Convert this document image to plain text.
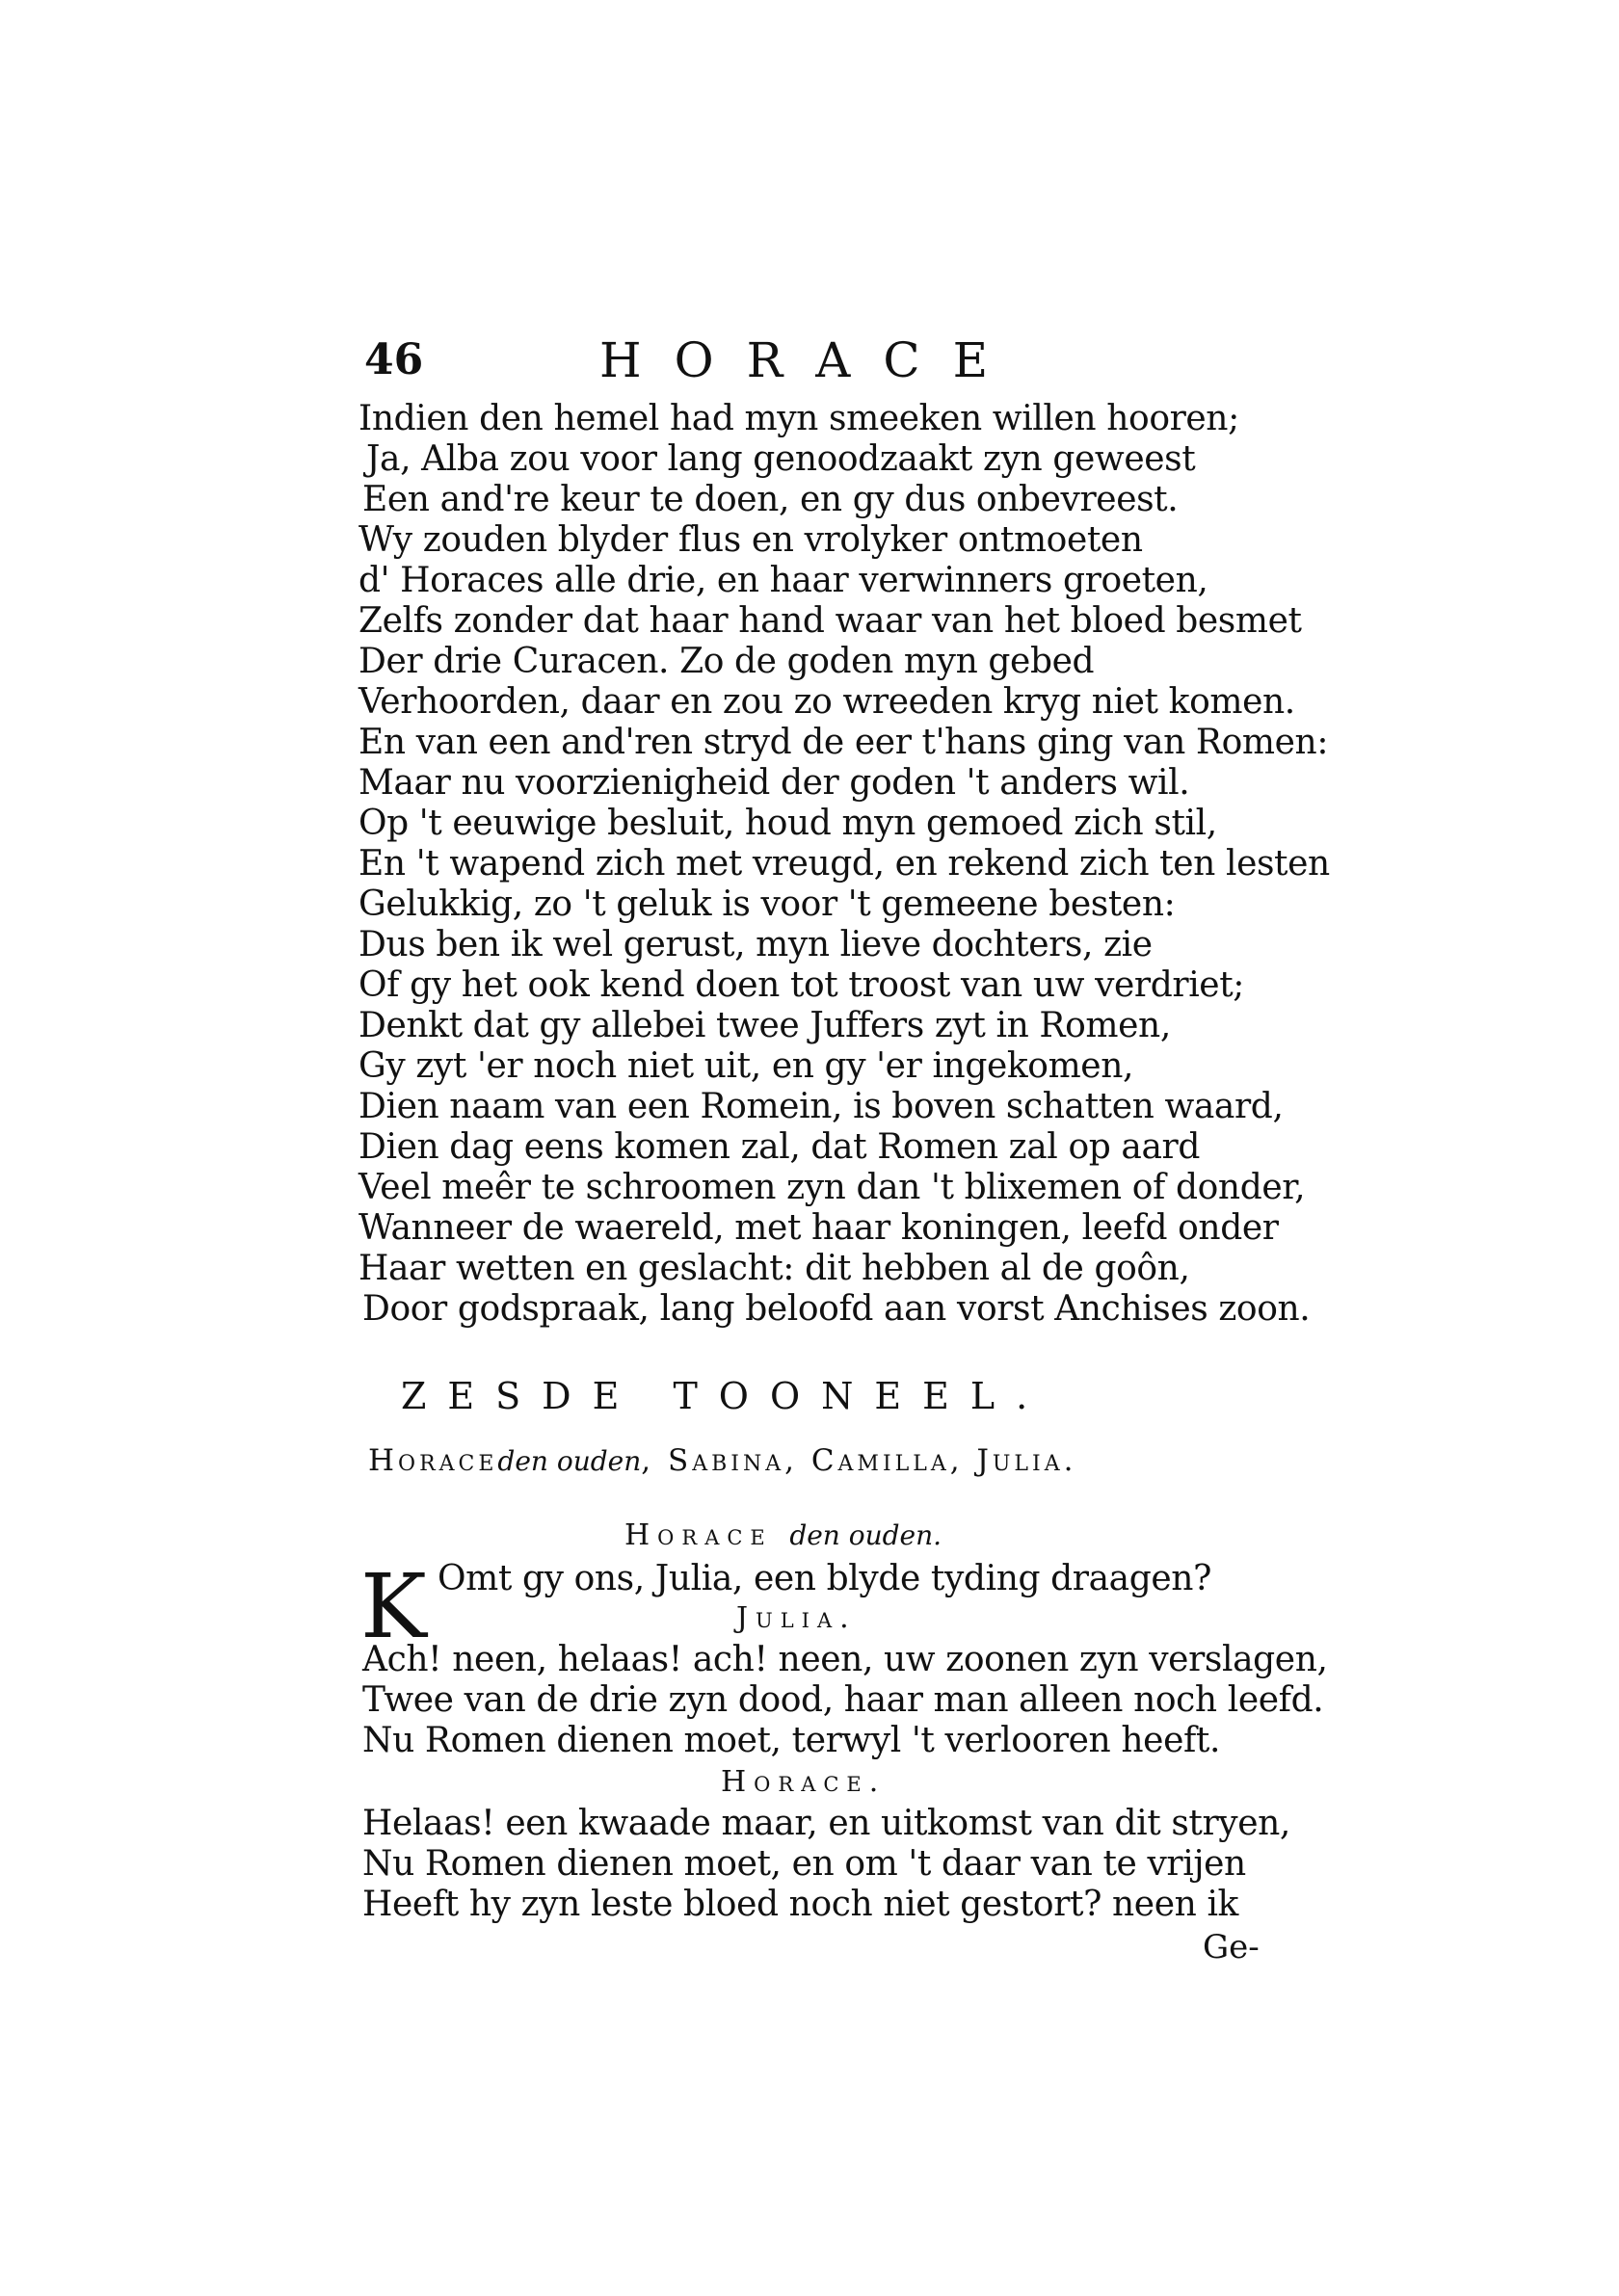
46	HORACE
Indien den hemel had myn smeeken willen hooren;
Ja, Alba zou voor lang genoodzaakt zyn geweest
Een and're keur te doen, en gy dus onbevreest.
Wy zouden blyder flus en vrolyker ontmoeten
d' Horaces alle drie, en haar verwinners groeten,
Zelfs zonder dat haar hand waar van het bloed besmet
Der drie Curacen. Zo de goden myn gebed
Verhoorden, daar en zou zo wreeden kryg niet komen.
En van een and'ren stryd de eer t'hans ging van Romen:
Maar nu voorzienigheid der goden 't anders wil.
Op 't eeuwige besluit, houd myn gemoed zich stil,
En 't wapend zich met vreugd, en rekend zich ten lesten
Gelukkig, zo 't geluk is voor 't gemeene besten:
Dus ben ik wel gerust, myn lieve dochters, zie
Of gy het ook kend doen tot troost van uw verdriet;
Denkt dat gy allebei twee Juffers zyt in Romen,
Gy zyt 'er noch niet uit, en gy 'er ingekomen,
Dien naam van een Romein, is boven schatten waard,
Dien dag eens komen zal, dat Romen zal op aard
Veel meêr te schroomen zyn dan 't blixemen of donder,
Wanneer de waereld, met haar koningen, leefd onder
Haar wetten en geslacht: dit hebben al de goôn,
Door godspraak, lang beloofd aan vorst Anchises zoon.
ZESDE TOONEEL.
Horaceden ouden, Sabina, Camilla, Julia.
Horace den ouden.
K Omt gy ons, Julia, een blyde tyding draagen?
Julia.
Ach! neen, helaas! ach! neen, uw zoonen zyn verslagen,
Twee van de drie zyn dood, haar man alleen noch leefd.
Nu Romen dienen moet, terwyl 't verlooren heeft.
Horace.
Helaas! een kwaade maar, en uitkomst van dit stryen,
Nu Romen dienen moet, en om 't daar van te vrijen
Heeft hy zyn leste bloed noch niet gestort? neen ik
Ge-
